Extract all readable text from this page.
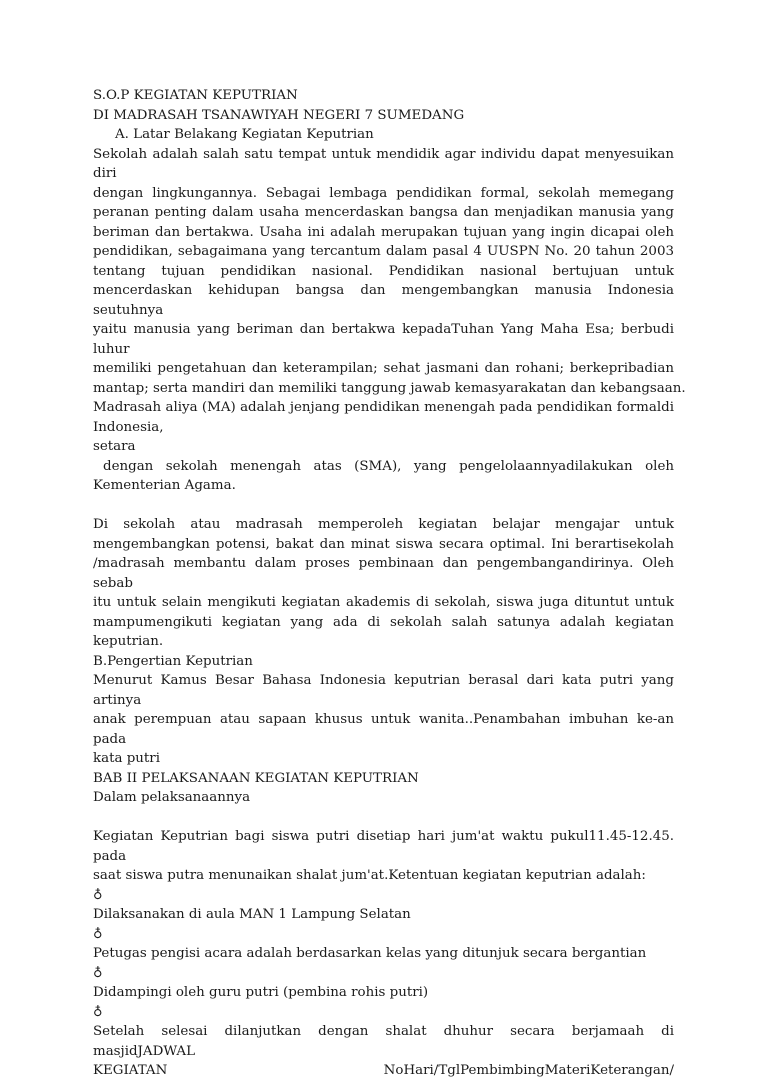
S.O.P KEGIATAN KEPUTRIAN
DI MADRASAH TSANAWIYAH NEGERI 7 SUMEDANG
A. Latar Belakang Kegiatan Keputrian
Sekolah adalah salah satu tempat untuk mendidik agar individu dapat menyesuikan diri
dengan lingkungannya. Sebagai lembaga pendidikan formal, sekolah memegang
peranan penting dalam usaha mencerdaskan bangsa dan menjadikan manusia yang
beriman dan bertakwa. Usaha ini adalah merupakan tujuan yang ingin dicapai oleh
pendidikan, sebagaimana yang tercantum dalam pasal 4 UUSPN No. 20 tahun 2003
tentang tujuan pendidikan nasional. Pendidikan nasional bertujuan untuk
mencerdaskan kehidupan bangsa dan mengembangkan manusia Indonesia seutuhnya
yaitu manusia yang beriman dan bertakwa kepadaTuhan Yang Maha Esa; berbudi luhur
memiliki pengetahuan dan keterampilan; sehat jasmani dan rohani; berkepribadian
mantap; serta mandiri dan memiliki tanggung jawab kemasyarakatan dan kebangsaan.
Madrasah aliya (MA) adalah jenjang pendidikan menengah pada pendidikan formaldi
Indonesia,
setara
dengan sekolah menengah atas (SMA), yang pengelolaannyadilakukan oleh
Kementerian Agama.
Di sekolah atau madrasah memperoleh kegiatan belajar mengajar untuk
mengembangkan potensi, bakat dan minat siswa secara optimal. Ini berartisekolah
/madrasah membantu dalam proses pembinaan dan pengembangandirinya. Oleh sebab
itu untuk selain mengikuti kegiatan akademis di sekolah, siswa juga dituntut untuk
mampumengikuti kegiatan yang ada di sekolah salah satunya adalah kegiatan
keputrian.
B.Pengertian Keputrian
Menurut Kamus Besar Bahasa Indonesia keputrian berasal dari kata putri yang artinya
anak perempuan atau sapaan khusus untuk wanita..Penambahan imbuhan ke-an pada
kata putri
BAB II PELAKSANAAN KEGIATAN KEPUTRIAN
Dalam pelaksanaannya
Kegiatan Keputrian bagi siswa putri disetiap hari jum'at waktu pukul11.45-12.45. pada
saat siswa putra menunaikan shalat jum'at.Ketentuan kegiatan keputrian adalah:
♁
Dilaksanakan di aula MAN 1 Lampung Selatan
♁
Petugas pengisi acara adalah berdasarkan kelas yang ditunjuk secara bergantian
♁
Didampingi oleh guru putri (pembina rohis putri)
♁
Setelah selesai dilanjutkan dengan shalat dhuhur secara berjamaah di masjidJADWAL
KEGIATAN                                NoHari/TglPembimbingMateriKeterangan/
